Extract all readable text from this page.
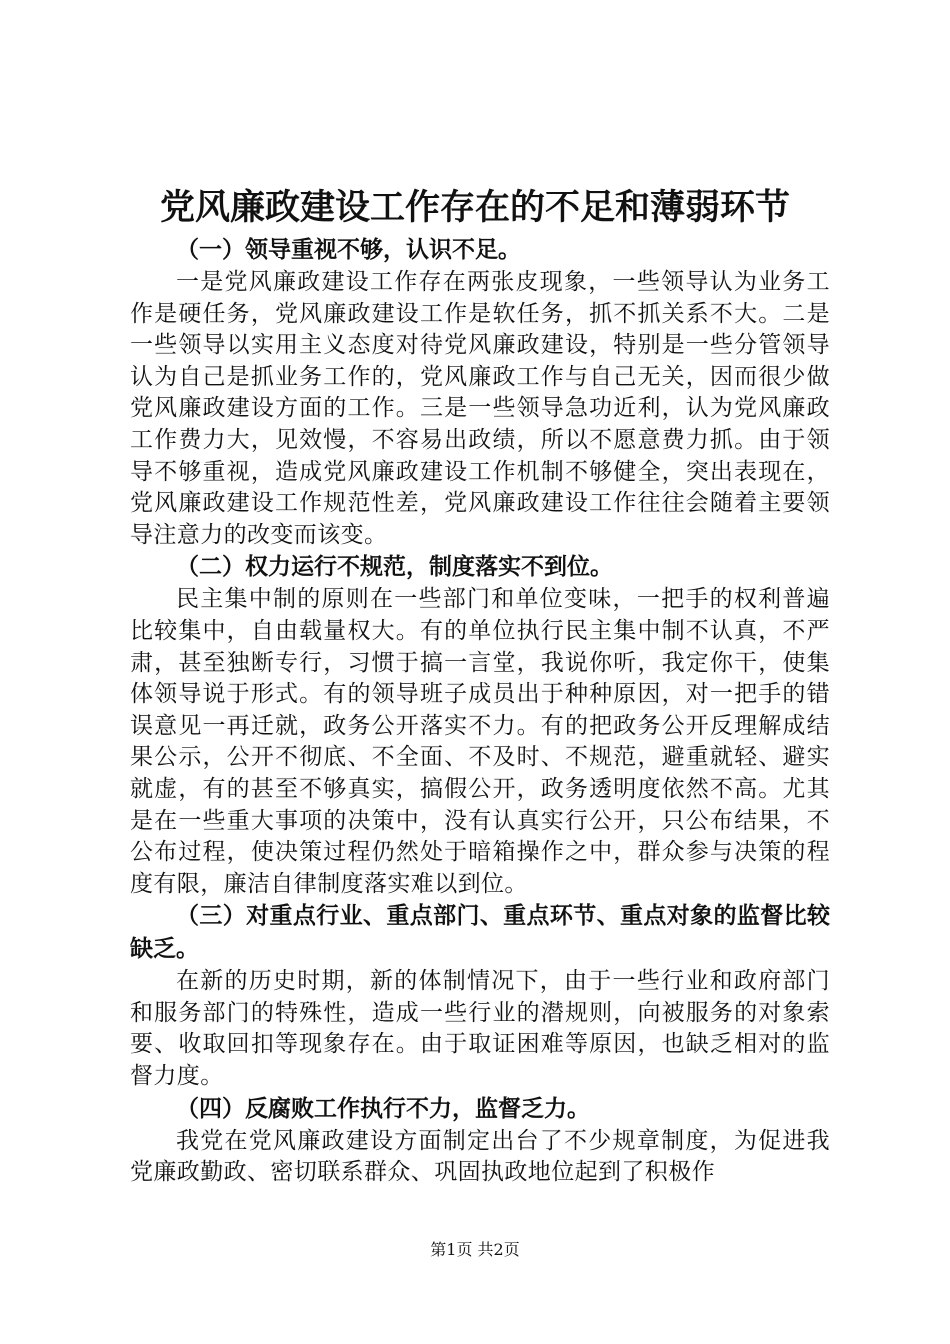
党风廉政建设工作存在的不足和薄弱环节

（一）领导重视不够，认识不足。

一是党风廉政建设工作存在两张皮现象，一些领导认为业务工作是硬任务，党风廉政建设工作是软任务，抓不抓关系不大。二是一些领导以实用主义态度对待党风廉政建设，特别是一些分管领导认为自己是抓业务工作的，党风廉政工作与自己无关，因而很少做党风廉政建设方面的工作。三是一些领导急功近利，认为党风廉政工作费力大，见效慢，不容易出政绩，所以不愿意费力抓。由于领导不够重视，造成党风廉政建设工作机制不够健全，突出表现在，党风廉政建设工作规范性差，党风廉政建设工作往往会随着主要领导注意力的改变而该变。

（二）权力运行不规范，制度落实不到位。

民主集中制的原则在一些部门和单位变味，一把手的权利普遍比较集中，自由载量权大。有的单位执行民主集中制不认真，不严肃，甚至独断专行，习惯于搞一言堂，我说你听，我定你干，使集体领导说于形式。有的领导班子成员出于种种原因，对一把手的错误意见一再迁就，政务公开落实不力。有的把政务公开反理解成结果公示，公开不彻底、不全面、不及时、不规范，避重就轻、避实就虚，有的甚至不够真实，搞假公开，政务透明度依然不高。尤其是在一些重大事项的决策中，没有认真实行公开，只公布结果，不公布过程，使决策过程仍然处于暗箱操作之中，群众参与决策的程度有限，廉洁自律制度落实难以到位。

（三）对重点行业、重点部门、重点环节、重点对象的监督比较缺乏。

在新的历史时期，新的体制情况下，由于一些行业和政府部门和服务部门的特殊性，造成一些行业的潜规则，向被服务的对象索要、收取回扣等现象存在。由于取证困难等原因，也缺乏相对的监督力度。

（四）反腐败工作执行不力，监督乏力。

我党在党风廉政建设方面制定出台了不少规章制度，为促进我党廉政勤政、密切联系群众、巩固执政地位起到了积极作

第1页 共2页
